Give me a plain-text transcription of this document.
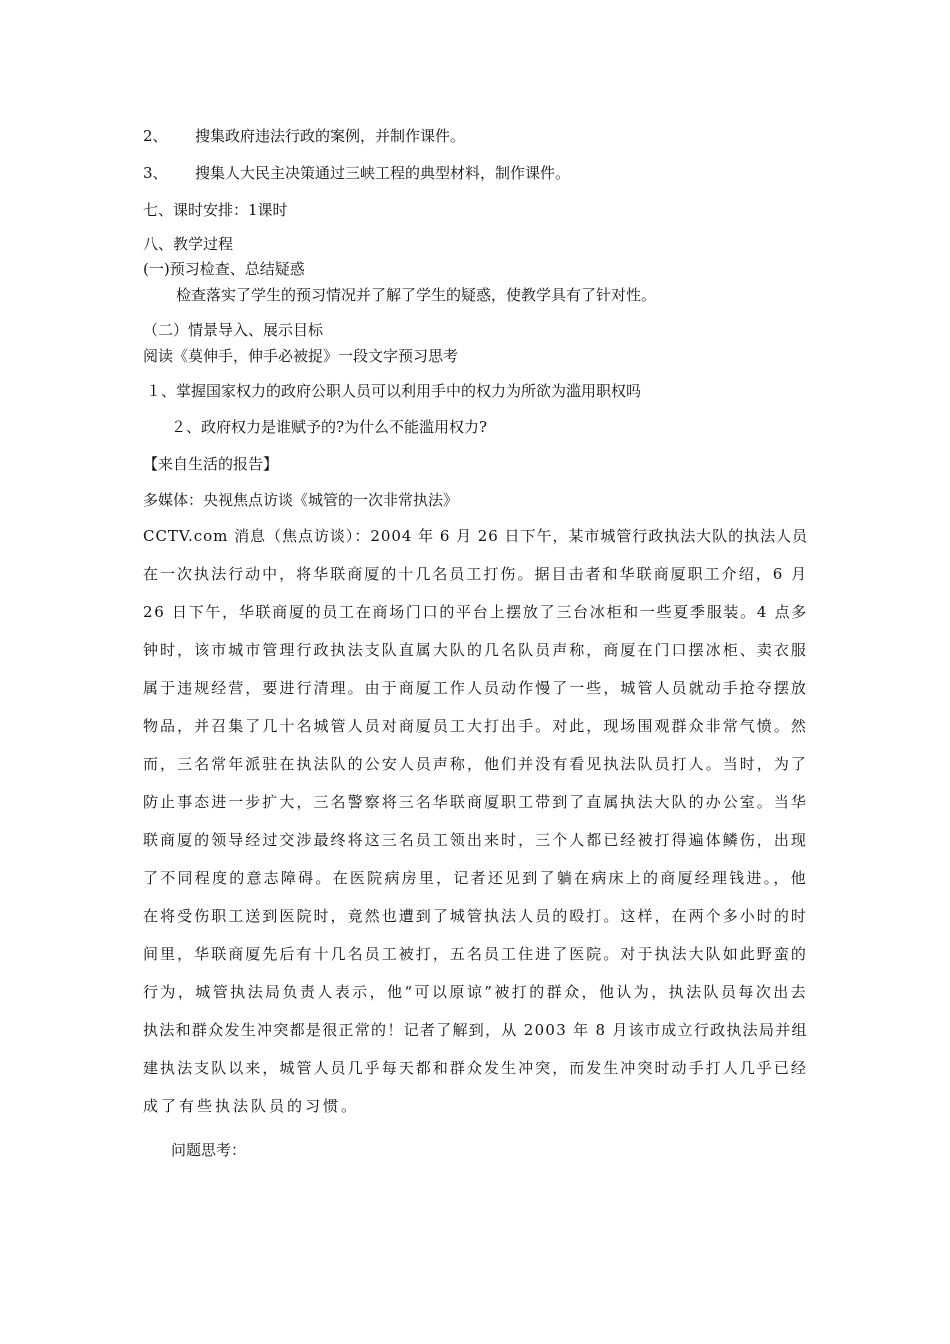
2、 搜集政府违法行政的案例，并制作课件。
3、 搜集人大民主决策通过三峡工程的典型材料，制作课件。
七、课时安排：1课时
八、教学过程
(一)预习检查、总结疑惑
检查落实了学生的预习情况并了解了学生的疑惑，使教学具有了针对性。
（二）情景导入、展示目标
阅读《莫伸手，伸手必被捉》一段文字预习思考
１、掌握国家权力的政府公职人员可以利用手中的权力为所欲为滥用职权吗
２、政府权力是谁赋予的?为什么不能滥用权力?
【来自生活的报告】
多媒体：央视焦点访谈《城管的一次非常执法》
CCTV.com 消息（焦点访谈）：2004 年 6 月 26 日下午，某市城管行政执法大队的执法人员
在一次执法行动中，将华联商厦的十几名员工打伤。据目击者和华联商厦职工介绍，6 月
26 日下午，华联商厦的员工在商场门口的平台上摆放了三台冰柜和一些夏季服装。4 点多
钟时，该市城市管理行政执法支队直属大队的几名队员声称，商厦在门口摆冰柜、卖衣服
属于违规经营，要进行清理。由于商厦工作人员动作慢了一些，城管人员就动手抢夺摆放
物品，并召集了几十名城管人员对商厦员工大打出手。对此，现场围观群众非常气愤。然
而，三名常年派驻在执法队的公安人员声称，他们并没有看见执法队员打人。当时，为了
防止事态进一步扩大，三名警察将三名华联商厦职工带到了直属执法大队的办公室。当华
联商厦的领导经过交涉最终将这三名员工领出来时，三个人都已经被打得遍体鳞伤，出现
了不同程度的意志障碍。在医院病房里，记者还见到了躺在病床上的商厦经理钱进。，他
在将受伤职工送到医院时，竟然也遭到了城管执法人员的殴打。这样，在两个多小时的时
间里，华联商厦先后有十几名员工被打，五名员工住进了医院。对于执法大队如此野蛮的
行为，城管执法局负责人表示，他“可以原谅”被打的群众，他认为，执法队员每次出去
执法和群众发生冲突都是很正常的！记者了解到，从 2003 年 8 月该市成立行政执法局并组
建执法支队以来，城管人员几乎每天都和群众发生冲突，而发生冲突时动手打人几乎已经
成了有些执法队员的习惯。
问题思考：
